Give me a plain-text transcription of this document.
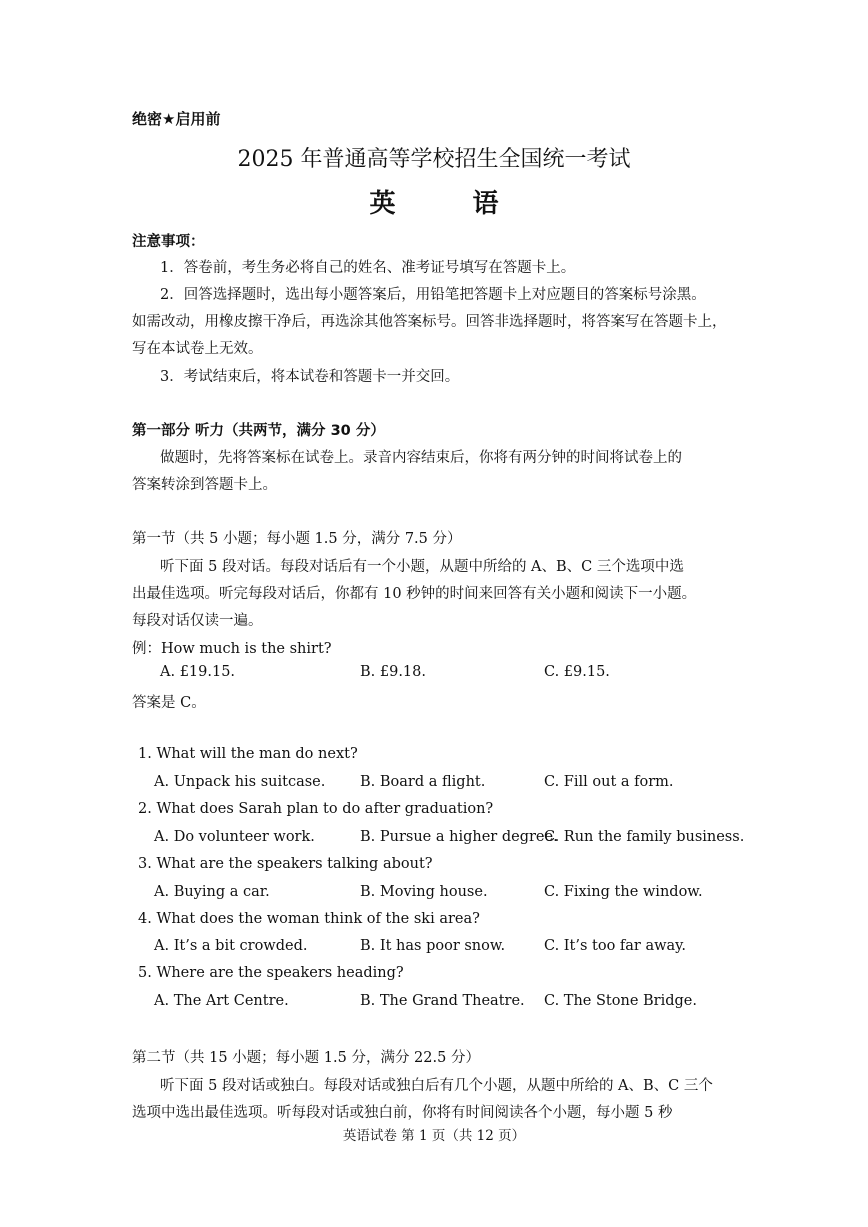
绝密★启用前
2025 年普通高等学校招生全国统一考试
英 语
注意事项：
1．答卷前，考生务必将自己的姓名、准考证号填写在答题卡上。
2．回答选择题时，选出每小题答案后，用铅笔把答题卡上对应题目的答案标号涂黑。
如需改动，用橡皮擦干净后，再选涂其他答案标号。回答非选择题时，将答案写在答题卡上，
写在本试卷上无效。
3．考试结束后，将本试卷和答题卡一并交回。
第一部分 听力（共两节，满分 30 分）
做题时，先将答案标在试卷上。录音内容结束后，你将有两分钟的时间将试卷上的
答案转涂到答题卡上。
第一节（共 5 小题；每小题 1.5 分，满分 7.5 分）
听下面 5 段对话。每段对话后有一个小题，从题中所给的 A、B、C 三个选项中选
出最佳选项。听完每段对话后，你都有 10 秒钟的时间来回答有关小题和阅读下一小题。
每段对话仅读一遍。
例：How much is the shirt?
A. £19.15.	B. £9.18.	C. £9.15.
答案是 C。
1. What will the man do next?
A. Unpack his suitcase. B. Board a flight.	C. Fill out a form.
2. What does Sarah plan to do after graduation?
A. Do volunteer work.	B. Pursue a higher degree.
C. Run the family business.
3. What are the speakers talking about?
A. Buying a car.	B. Moving house.	C. Fixing the window.
4. What does the woman think of the ski area?
A. It’s a bit crowded.	B. It has poor snow.	C. It’s too far away.
5. Where are the speakers heading?
A. The Art Centre.	B. The Grand Theatre. C. The Stone Bridge.
第二节（共 15 小题；每小题 1.5 分，满分 22.5 分）
听下面 5 段对话或独白。每段对话或独白后有几个小题，从题中所给的 A、B、C 三个
选项中选出最佳选项。听每段对话或独白前，你将有时间阅读各个小题，每小题 5 秒
英语试卷 第 1 页（共 12 页）
